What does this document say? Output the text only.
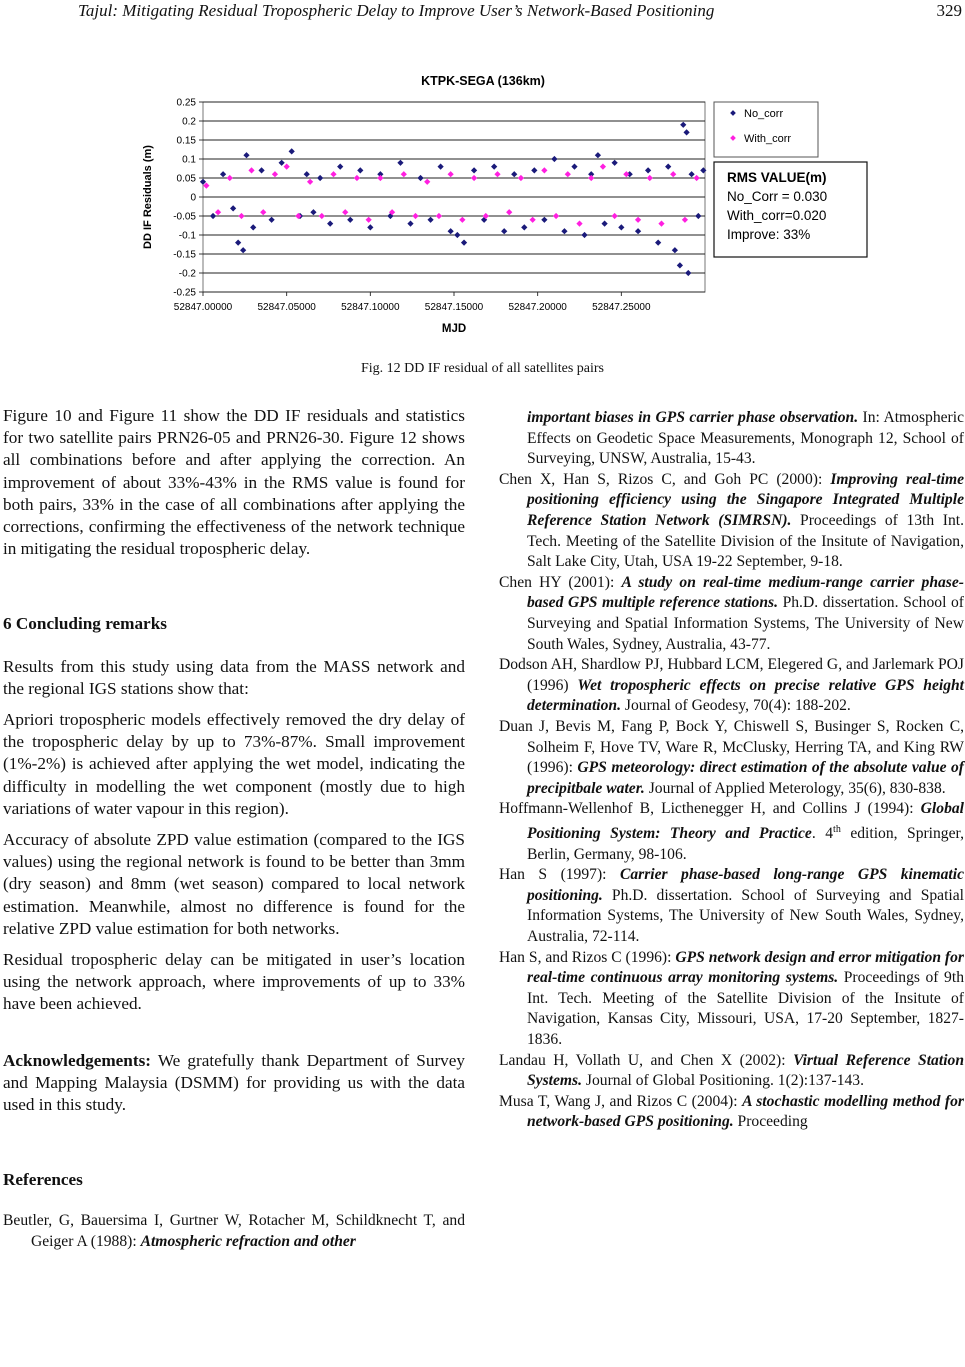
Tajul: Mitigating Residual Tropospheric Delay to Improve User’s Network-Based Positioning	329
KTPK-SEGA (136km)
0.25
0.2
0.15
0.1
0.05
0
-0.05
-0.1
-0.15
-0.2
-0.25
52847.00000	52847.05000	52847.10000	52847.15000	52847.20000	52847.25000
DD IF Residuals (m)
MJD
No_corr
With_corr
RMS VALUE(m)
No_Corr = 0.030
With_corr=0.020
Improve: 33%
Fig. 12 DD IF residual of all satellites pairs

Figure 10 and Figure 11 show the DD IF residuals and statistics for two satellite pairs PRN26-05 and PRN26-30. Figure 12 shows all combinations before and after applying the correction. An improvement of about 33%-43% in the RMS value is found for both pairs, 33% in the case of all combinations after applying the corrections, confirming the effectiveness of the network technique in mitigating the residual tropospheric delay.

6 Concluding remarks

Results from this study using data from the MASS network and the regional IGS stations show that:

Apriori tropospheric models effectively removed the dry delay of the tropospheric delay by up to 73%-87%. Small improvement (1%-2%) is achieved after applying the wet model, indicating the difficulty in modelling the wet component (mostly due to high variations of water vapour in this region).

Accuracy of absolute ZPD value estimation (compared to the IGS values) using the regional network is found to be better than 3mm (dry season) and 8mm (wet season) compared to local network estimation. Meanwhile, almost no difference is found for the relative ZPD value estimation for both networks.

Residual tropospheric delay can be mitigated in user’s location using the network approach, where improvements of up to 33% have been achieved.

Acknowledgements: We gratefully thank Department of Survey and Mapping Malaysia (DSMM) for providing us with the data used in this study.

References

Beutler, G, Bauersima I, Gurtner W, Rotacher M, Schildknecht T, and Geiger A (1988): Atmospheric refraction and other

important biases in GPS carrier phase observation. In: Atmospheric Effects on Geodetic Space Measurements, Monograph 12, School of Surveying, UNSW, Australia, 15-43.

Chen X, Han S, Rizos C, and Goh PC (2000): Improving real-time positioning efficiency using the Singapore Integrated Multiple Reference Station Network (SIMRSN). Proceedings of 13th Int. Tech. Meeting of the Satellite Division of the Insitute of Navigation, Salt Lake City, Utah, USA 19-22 September, 9-18.

Chen HY (2001): A study on real-time medium-range carrier phase-based GPS multiple reference stations. Ph.D. dissertation. School of Surveying and Spatial Information Systems, The University of New South Wales, Sydney, Australia, 43-77.

Dodson AH, Shardlow PJ, Hubbard LCM, Elegered G, and Jarlemark POJ (1996) Wet tropospheric effects on precise relative GPS height determination. Journal of Geodesy, 70(4): 188-202.

Duan J, Bevis M, Fang P, Bock Y, Chiswell S, Businger S, Rocken C, Solheim F, Hove TV, Ware R, McClusky, Herring TA, and King RW (1996): GPS meteorology: direct estimation of the absolute value of precipitbale water. Journal of Applied Meterology, 35(6), 830-838.

Hoffmann-Wellenhof B, Licthenegger H, and Collins J (1994): Global Positioning System: Theory and Practice. 4th edition, Springer, Berlin, Germany, 98-106.

Han S (1997): Carrier phase-based long-range GPS kinematic positioning. Ph.D. dissertation. School of Surveying and Spatial Information Systems, The University of New South Wales, Sydney, Australia, 72-114.

Han S, and Rizos C (1996): GPS network design and error mitigation for real-time continuous array monitoring systems. Proceedings of 9th Int. Tech. Meeting of the Satellite Division of the Insitute of Navigation, Kansas City, Missouri, USA, 17-20 September, 1827-1836.

Landau H, Vollath U, and Chen X (2002): Virtual Reference Station Systems. Journal of Global Positioning. 1(2):137-143.

Musa T, Wang J, and Rizos C (2004): A stochastic modelling method for network-based GPS positioning. Proceeding
